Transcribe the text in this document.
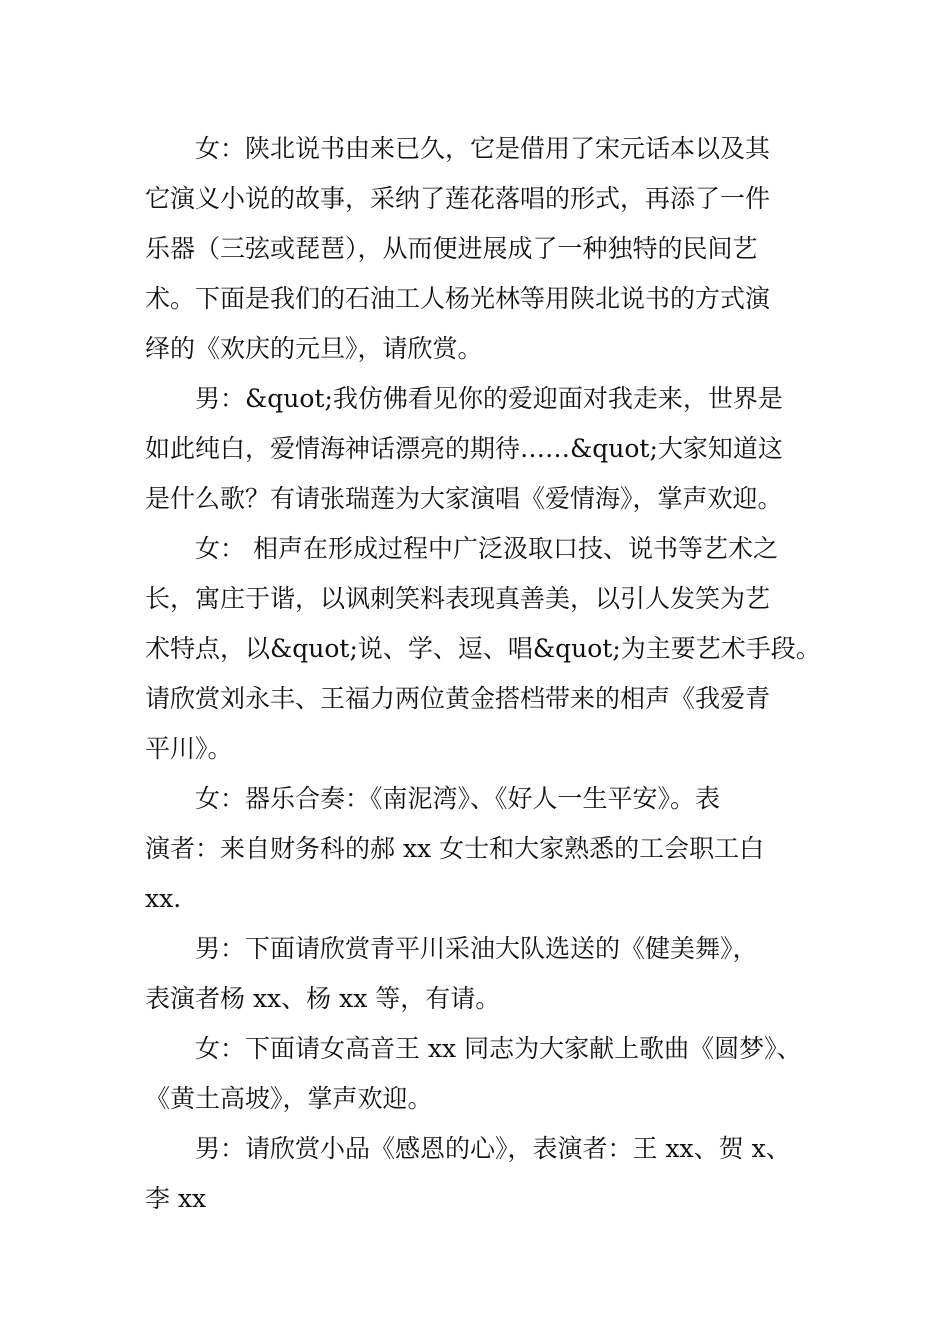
女：陕北说书由来已久，它是借用了宋元话本以及其
它演义小说的故事，采纳了莲花落唱的形式，再添了一件
乐器（三弦或琵琶），从而便进展成了一种独特的民间艺
术。下面是我们的石油工人杨光林等用陕北说书的方式演
绎的《欢庆的元旦》，请欣赏。

男：&quot;我仿佛看见你的爱迎面对我走来，世界是
如此纯白，爱情海神话漂亮的期待……&quot;大家知道这
是什么歌？有请张瑞莲为大家演唱《爱情海》，掌声欢迎。

女： 相声在形成过程中广泛汲取口技、说书等艺术之
长，寓庄于谐，以讽刺笑料表现真善美，以引人发笑为艺
术特点，以&quot;说、学、逗、唱&quot;为主要艺术手段。
请欣赏刘永丰、王福力两位黄金搭档带来的相声《我爱青
平川》。

女：器乐合奏：《南泥湾》、《好人一生平安》。表
演者：来自财务科的郝 xx 女士和大家熟悉的工会职工白
xx.

男：下面请欣赏青平川采油大队选送的《健美舞》，
表演者杨 xx、杨 xx 等，有请。

女：下面请女高音王 xx 同志为大家献上歌曲《圆梦》、
《黄土高坡》，掌声欢迎。

男：请欣赏小品《感恩的心》，表演者：王 xx、贺 x、
李 xx
